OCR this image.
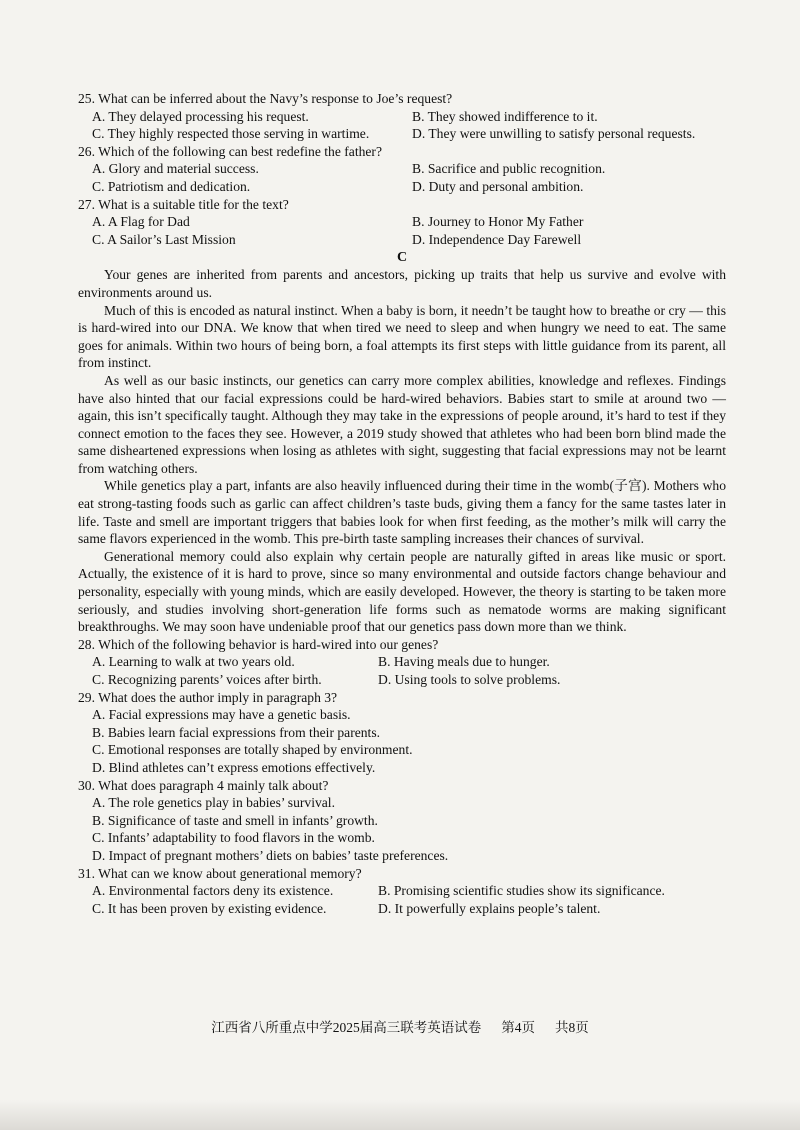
25. What can be inferred about the Navy’s response to Joe’s request?

A. They delayed processing his request.	B. They showed indifference to it.
C. They highly respected those serving in wartime.	D. They were unwilling to satisfy personal requests.

26. Which of the following can best redefine the father?

A. Glory and material success.	B. Sacrifice and public recognition.
C. Patriotism and dedication.	D. Duty and personal ambition.

27. What is a suitable title for the text?

A. A Flag for Dad	B. Journey to Honor My Father
C. A Sailor’s Last Mission	D. Independence Day Farewell
C

Your genes are inherited from parents and ancestors, picking up traits that help us survive and evolve with environments around us.

Much of this is encoded as natural instinct. When a baby is born, it needn’t be taught how to breathe or cry — this is hard-wired into our DNA. We know that when tired we need to sleep and when hungry we need to eat. The same goes for animals. Within two hours of being born, a foal attempts its first steps with little guidance from its parent, all from instinct.

As well as our basic instincts, our genetics can carry more complex abilities, knowledge and reflexes. Findings have also hinted that our facial expressions could be hard-wired behaviors. Babies start to smile at around two — again, this isn’t specifically taught. Although they may take in the expressions of people around, it’s hard to test if they connect emotion to the faces they see. However, a 2019 study showed that athletes who had been born blind made the same disheartened expressions when losing as athletes with sight, suggesting that facial expressions may not be learnt from watching others.

While genetics play a part, infants are also heavily influenced during their time in the womb(子宫). Mothers who eat strong-tasting foods such as garlic can affect children’s taste buds, giving them a fancy for the same tastes later in life. Taste and smell are important triggers that babies look for when first feeding, as the mother’s milk will carry the same flavors experienced in the womb. This pre-birth taste sampling increases their chances of survival.

Generational memory could also explain why certain people are naturally gifted in areas like music or sport. Actually, the existence of it is hard to prove, since so many environmental and outside factors change behaviour and personality, especially with young minds, which are easily developed. However, the theory is starting to be taken more seriously, and studies involving short-generation life forms such as nematode worms are making significant breakthroughs. We may soon have undeniable proof that our genetics pass down more than we think.

28. Which of the following behavior is hard-wired into our genes?

A. Learning to walk at two years old.	B. Having meals due to hunger.
C. Recognizing parents’ voices after birth.	D. Using tools to solve problems.

29. What does the author imply in paragraph 3?

A. Facial expressions may have a genetic basis.
B. Babies learn facial expressions from their parents.
C. Emotional responses are totally shaped by environment.
D. Blind athletes can’t express emotions effectively.

30. What does paragraph 4 mainly talk about?

A. The role genetics play in babies’ survival.
B. Significance of taste and smell in infants’ growth.
C. Infants’ adaptability to food flavors in the womb.
D. Impact of pregnant mothers’ diets on babies’ taste preferences.

31. What can we know about generational memory?

A. Environmental factors deny its existence.	B. Promising scientific studies show its significance.
C. It has been proven by existing evidence.	D. It powerfully explains people’s talent.
江西省八所重点中学2025届高三联考英语试卷 第4页 共8页
